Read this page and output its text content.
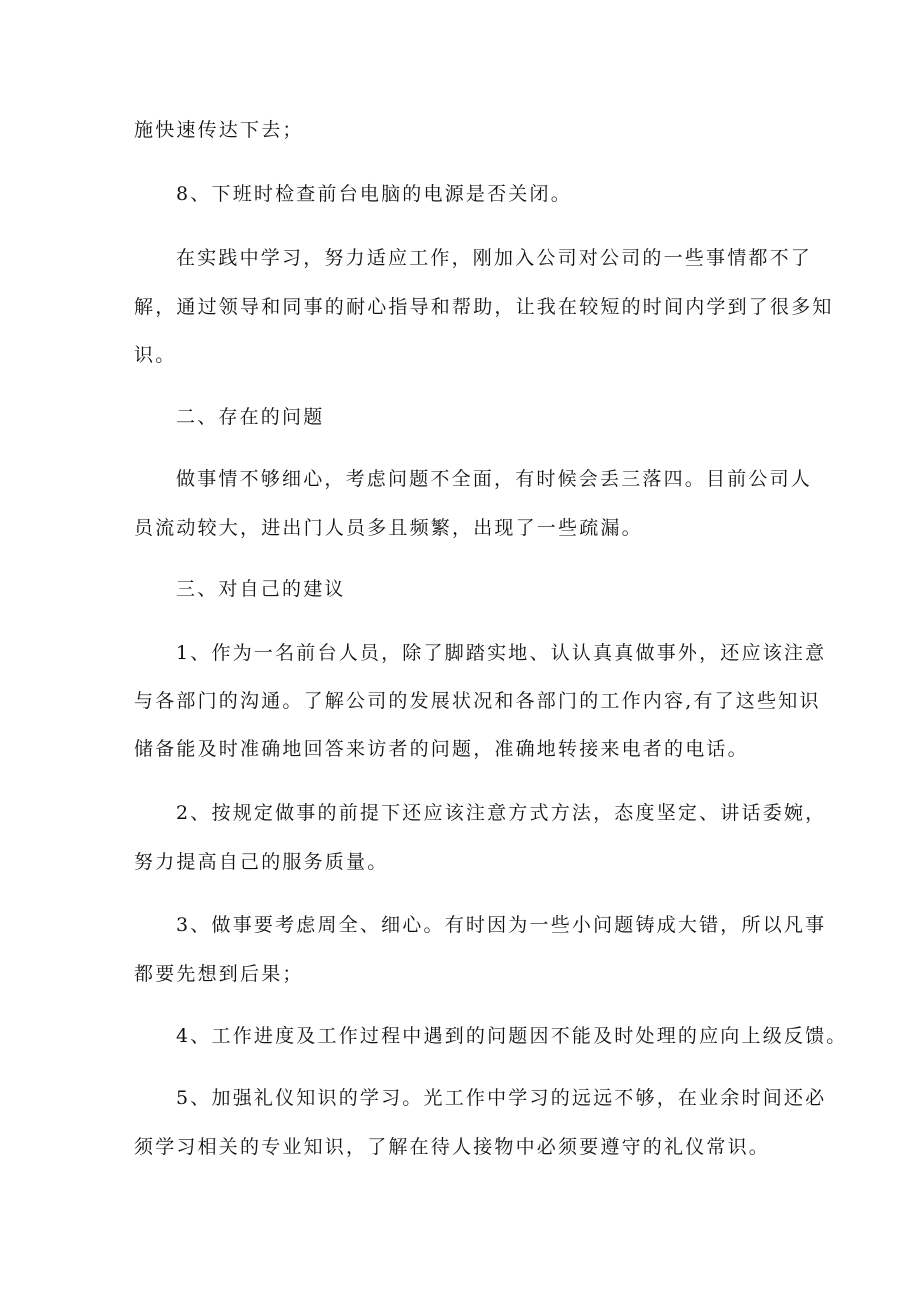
施快速传达下去；
8、下班时检查前台电脑的电源是否关闭。
在实践中学习，努力适应工作，刚加入公司对公司的一些事情都不了
解，通过领导和同事的耐心指导和帮助，让我在较短的时间内学到了很多知
识。
二、存在的问题
做事情不够细心，考虑问题不全面，有时候会丢三落四。目前公司人
员流动较大，进出门人员多且频繁，出现了一些疏漏。
三、对自己的建议
1、作为一名前台人员，除了脚踏实地、认认真真做事外，还应该注意
与各部门的沟通。了解公司的发展状况和各部门的工作内容,有了这些知识
储备能及时准确地回答来访者的问题，准确地转接来电者的电话。
2、按规定做事的前提下还应该注意方式方法，态度坚定、讲话委婉，
努力提高自己的服务质量。
3、做事要考虑周全、细心。有时因为一些小问题铸成大错，所以凡事
都要先想到后果；
4、工作进度及工作过程中遇到的问题因不能及时处理的应向上级反馈。
5、加强礼仪知识的学习。光工作中学习的远远不够，在业余时间还必
须学习相关的专业知识，了解在待人接物中必须要遵守的礼仪常识。
